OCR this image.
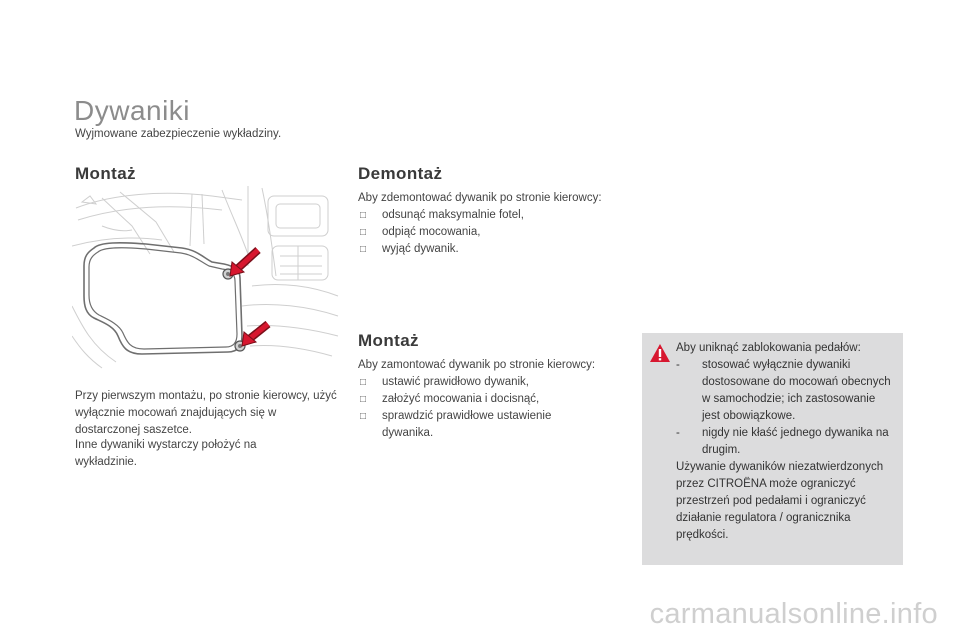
Dywaniki
Wyjmowane zabezpieczenie wykładziny.
Montaż
Przy pierwszym montażu, po stronie kierowcy, użyć wyłącznie mocowań znajdujących się w dostarczonej saszetce.
Inne dywaniki wystarczy położyć na wykładzinie.
Demontaż
Aby zdemontować dywanik po stronie kierowcy:
□ odsunąć maksymalnie fotel,
□ odpiąć mocowania,
□ wyjąć dywanik.
Montaż
Aby zamontować dywanik po stronie kierowcy:
□ ustawić prawidłowo dywanik,
□ założyć mocowania i docisnąć,
□ sprawdzić prawidłowe ustawienie dywanika.
Aby uniknąć zablokowania pedałów:
- stosować wyłącznie dywaniki dostosowane do mocowań obecnych w samochodzie; ich zastosowanie jest obowiązkowe.
- nigdy nie kłaść jednego dywanika na drugim.
Używanie dywaników niezatwierdzonych przez CITROËNA może ograniczyć przestrzeń pod pedałami i ograniczyć działanie regulatora / ogranicznika prędkości.
carmanualsonline.info
